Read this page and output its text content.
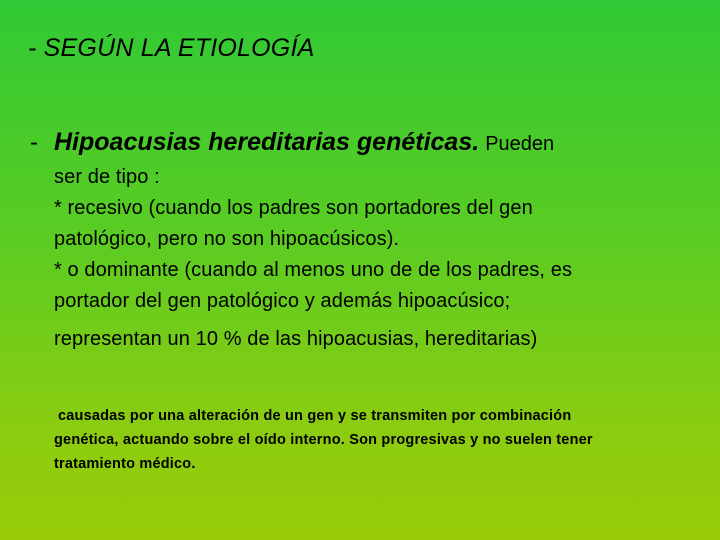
- SEGÚN LA ETIOLOGÍA
- Hipoacusias hereditarias genéticas. Pueden

ser de tipo :

* recesivo (cuando los padres son portadores del gen

patológico, pero no son hipoacúsicos).

* o dominante (cuando al menos uno de de los padres, es

portador del gen patológico y además hipoacúsico;

representan un 10 % de las hipoacusias, hereditarias)

causadas por una alteración de un gen y se transmiten por combinación

genética, actuando sobre el oído interno. Son progresivas y no suelen tener

tratamiento médico.
